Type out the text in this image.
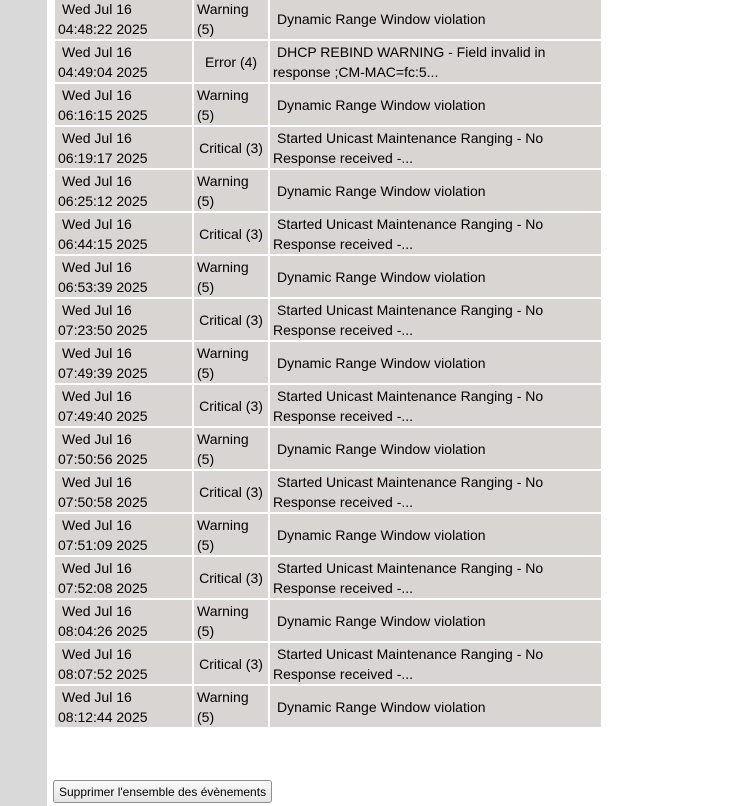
Wed Jul 16 04:48:22 2025	Warning (5)	Dynamic Range Window violation
Wed Jul 16 04:49:04 2025	Error (4)	DHCP REBIND WARNING - Field invalid in response ;CM-MAC=fc:5...
Wed Jul 16 06:16:15 2025	Warning (5)	Dynamic Range Window violation
Wed Jul 16 06:19:17 2025	Critical (3)	Started Unicast Maintenance Ranging - No Response received -...
Wed Jul 16 06:25:12 2025	Warning (5)	Dynamic Range Window violation
Wed Jul 16 06:44:15 2025	Critical (3)	Started Unicast Maintenance Ranging - No Response received -...
Wed Jul 16 06:53:39 2025	Warning (5)	Dynamic Range Window violation
Wed Jul 16 07:23:50 2025	Critical (3)	Started Unicast Maintenance Ranging - No Response received -...
Wed Jul 16 07:49:39 2025	Warning (5)	Dynamic Range Window violation
Wed Jul 16 07:49:40 2025	Critical (3)	Started Unicast Maintenance Ranging - No Response received -...
Wed Jul 16 07:50:56 2025	Warning (5)	Dynamic Range Window violation
Wed Jul 16 07:50:58 2025	Critical (3)	Started Unicast Maintenance Ranging - No Response received -...
Wed Jul 16 07:51:09 2025	Warning (5)	Dynamic Range Window violation
Wed Jul 16 07:52:08 2025	Critical (3)	Started Unicast Maintenance Ranging - No Response received -...
Wed Jul 16 08:04:26 2025	Warning (5)	Dynamic Range Window violation
Wed Jul 16 08:07:52 2025	Critical (3)	Started Unicast Maintenance Ranging - No Response received -...
Wed Jul 16 08:12:44 2025	Warning (5)	Dynamic Range Window violation
Supprimer l'ensemble des évènements
